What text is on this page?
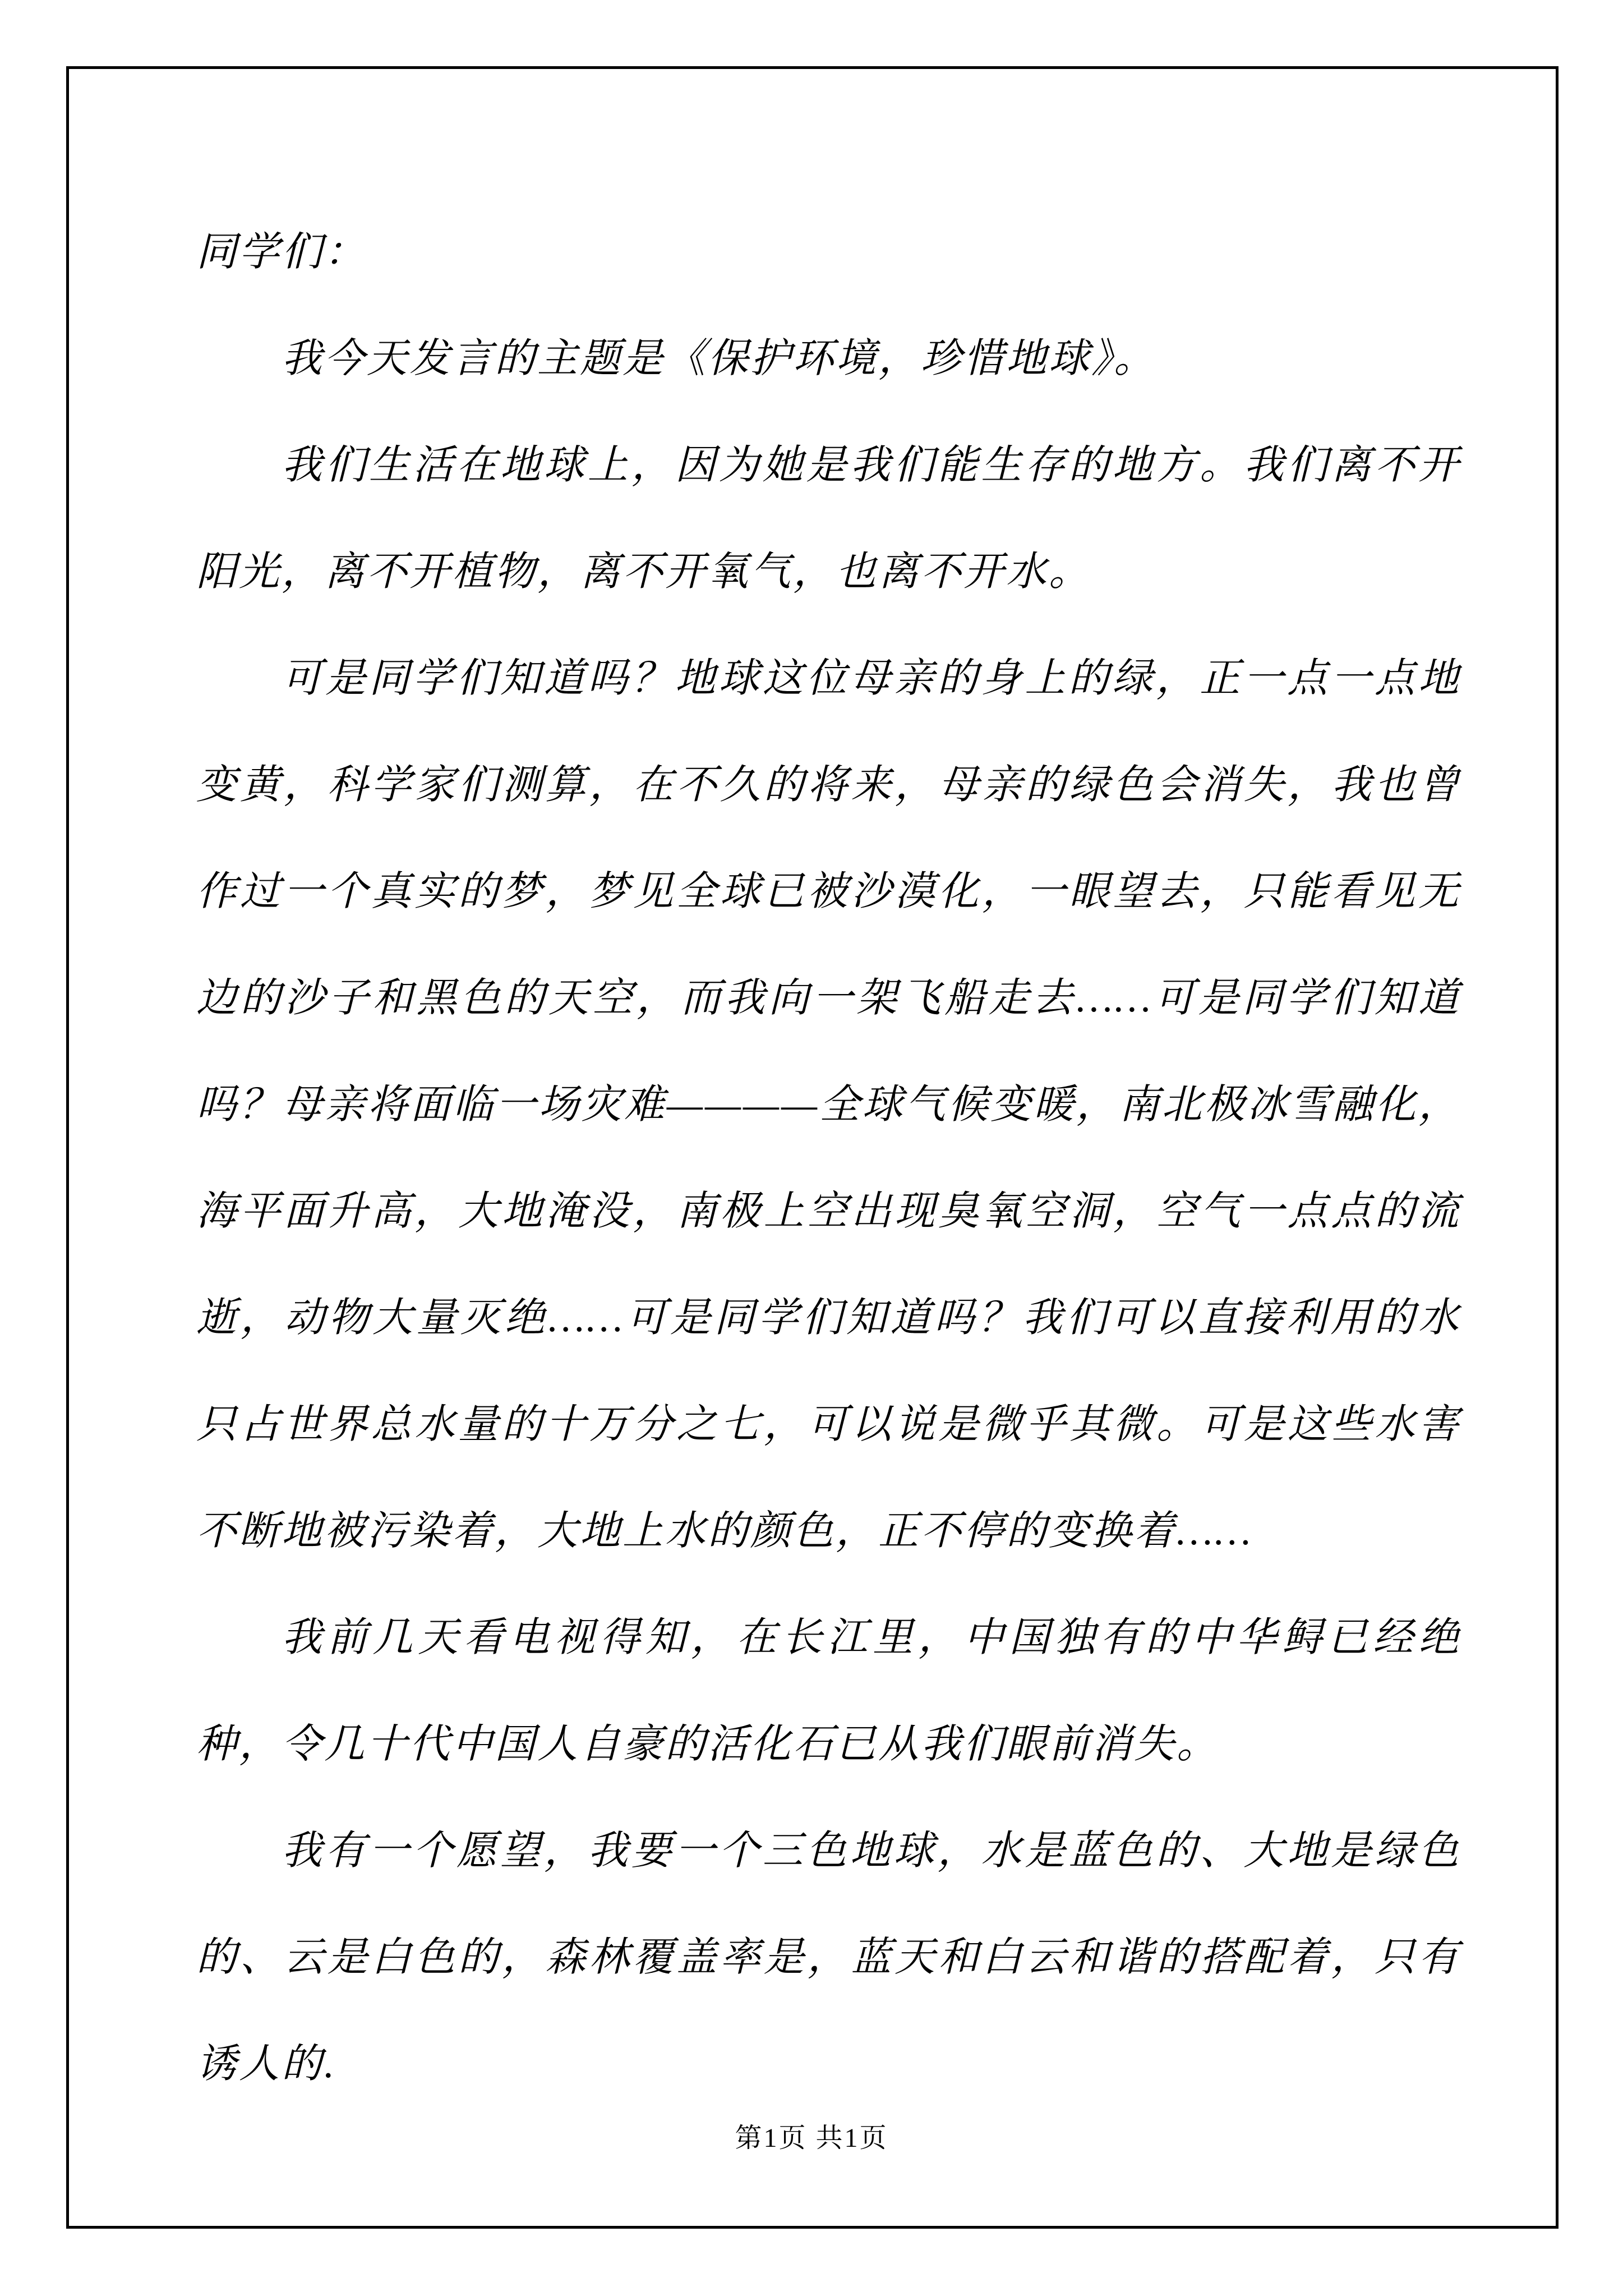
同学们：

我今天发言的主题是《保护环境，珍惜地球》。

我们生活在地球上，因为她是我们能生存的地方。我们离不开阳光，离不开植物，离不开氧气，也离不开水。

可是同学们知道吗？地球这位母亲的身上的绿，正一点一点地变黄，科学家们测算，在不久的将来，母亲的绿色会消失，我也曾作过一个真实的梦，梦见全球已被沙漠化，一眼望去，只能看见无边的沙子和黑色的天空，而我向一架飞船走去……可是同学们知道吗？母亲将面临一场灾难————全球气候变暖，南北极冰雪融化，海平面升高，大地淹没，南极上空出现臭氧空洞，空气一点点的流逝，动物大量灭绝……可是同学们知道吗？我们可以直接利用的水只占世界总水量的十万分之七，可以说是微乎其微。可是这些水害不断地被污染着，大地上水的颜色，正不停的变换着……

我前几天看电视得知，在长江里，中国独有的中华鲟已经绝种，令几十代中国人自豪的活化石已从我们眼前消失。

我有一个愿望，我要一个三色地球，水是蓝色的、大地是绿色的、云是白色的，森林覆盖率是，蓝天和白云和谐的搭配着，只有诱人的.

第1页 共1页
